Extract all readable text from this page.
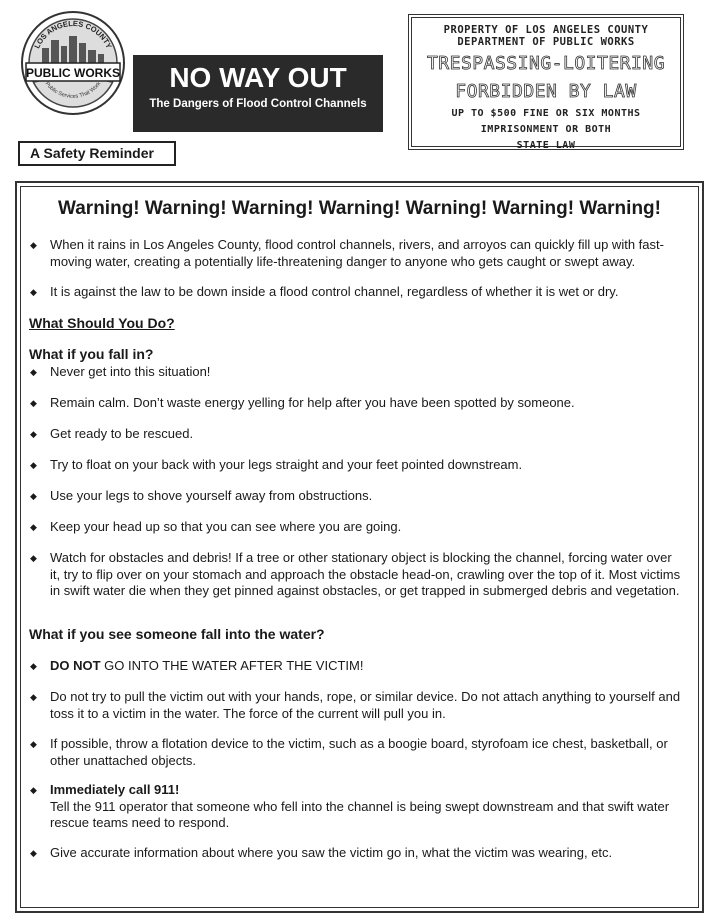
LOS ANGELES COUNTY
PUBLIC WORKS
Public Services That Work	NO WAY OUT
The Dangers of Flood Control Channels
PROPERTY OF LOS ANGELES COUNTY
DEPARTMENT OF PUBLIC WORKS
TRESPASSING-LOITERING
FORBIDDEN BY LAW
UP TO $500 FINE OR SIX MONTHS
IMPRISONMENT OR BOTH
STATE LAW
A Safety Reminder
Warning! Warning! Warning! Warning! Warning! Warning! Warning!
◆ When it rains in Los Angeles County, flood control channels, rivers, and arroyos can quickly fill up with fast-moving water, creating a potentially life-threatening danger to anyone who gets caught or swept away.
◆ It is against the law to be down inside a flood control channel, regardless of whether it is wet or dry.
What Should You Do?
What if you fall in?
◆ Never get into this situation!
◆ Remain calm. Don’t waste energy yelling for help after you have been spotted by someone.
◆ Get ready to be rescued.
◆ Try to float on your back with your legs straight and your feet pointed downstream.
◆ Use your legs to shove yourself away from obstructions.
◆ Keep your head up so that you can see where you are going.
◆ Watch for obstacles and debris! If a tree or other stationary object is blocking the channel, forcing water over it, try to flip over on your stomach and approach the obstacle head-on, crawling over the top of it. Most victims in swift water die when they get pinned against obstacles, or get trapped in submerged debris and vegetation.
What if you see someone fall into the water?
◆ DO NOT GO INTO THE WATER AFTER THE VICTIM!
◆ Do not try to pull the victim out with your hands, rope, or similar device. Do not attach anything to yourself and toss it to a victim in the water. The force of the current will pull you in.
◆ If possible, throw a flotation device to the victim, such as a boogie board, styrofoam ice chest, basketball, or other unattached objects.
◆ Immediately call 911!
Tell the 911 operator that someone who fell into the channel is being swept downstream and that swift water rescue teams need to respond.
◆ Give accurate information about where you saw the victim go in, what the victim was wearing, etc.
